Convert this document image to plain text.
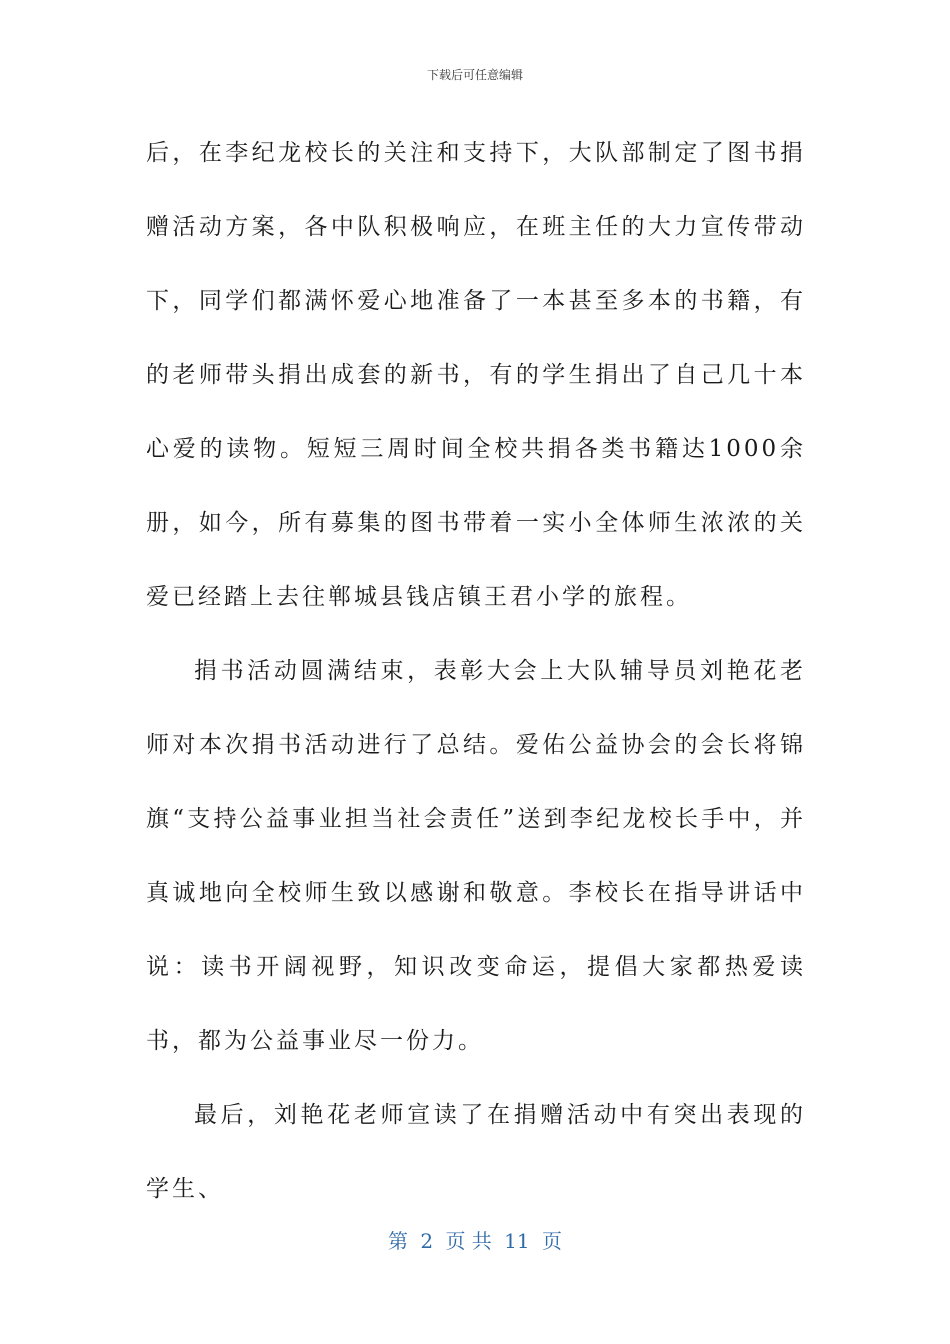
下载后可任意编辑

后，在李纪龙校长的关注和支持下，大队部制定了图书捐赠活动方案，各中队积极响应，在班主任的大力宣传带动下，同学们都满怀爱心地准备了一本甚至多本的书籍，有的老师带头捐出成套的新书，有的学生捐出了自己几十本心爱的读物。短短三周时间全校共捐各类书籍达1000余册，如今，所有募集的图书带着一实小全体师生浓浓的关爱已经踏上去往郸城县钱店镇王君小学的旅程。

捐书活动圆满结束，表彰大会上大队辅导员刘艳花老师对本次捐书活动进行了总结。爱佑公益协会的会长将锦旗“支持公益事业担当社会责任”送到李纪龙校长手中，并真诚地向全校师生致以感谢和敬意。李校长在指导讲话中说：读书开阔视野，知识改变命运，提倡大家都热爱读书，都为公益事业尽一份力。

最后，刘艳花老师宣读了在捐赠活动中有突出表现的学生、

第 2 页 共 11 页
